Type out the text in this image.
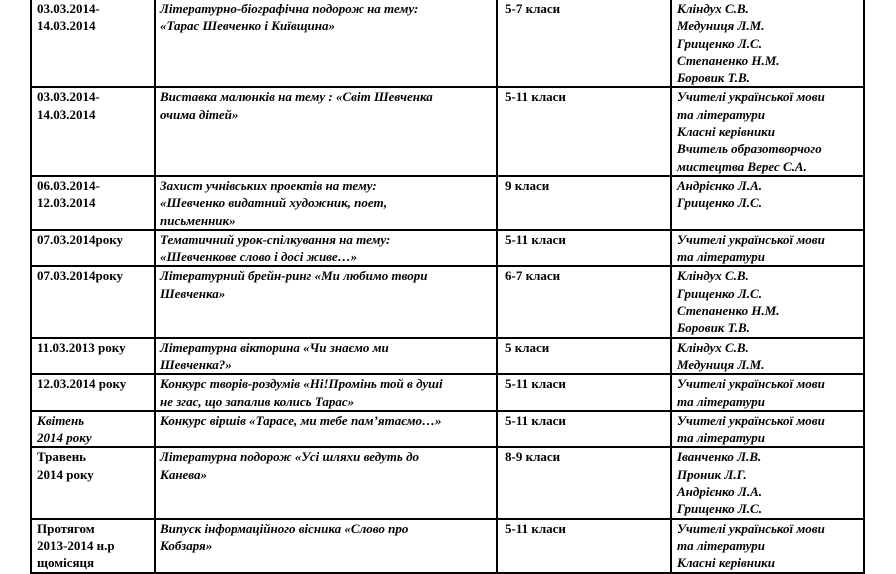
03.03.2014-
14.03.2014	Літературно-біографічна подорож на тему:
«Тарас Шевченко і Київщина»	5-7 класи	Кліндух С.В.
Медуниця Л.М.
Грищенко Л.С.
Степаненко Н.М.
Боровик Т.В.

03.03.2014-
14.03.2014	Виставка малюнків на тему : «Світ Шевченка
очима дітей»	5-11 класи	Учителі української мови
та літератури
Класні керівники
Вчитель образотворчого
мистецтва Верес С.А.

06.03.2014-
12.03.2014	Захист учнівських проектів на тему:
«Шевченко видатний художник, поет,
письменник»	9 класи	Андрієнко Л.А.
Грищенко Л.С.

07.03.2014року	Тематичний урок-спілкування на тему:
«Шевченкове слово і досі живе…»	5-11 класи	Учителі української мови
та літератури

07.03.2014року	Літературний брейн-ринг «Ми любимо твори
Шевченка»	6-7 класи	Кліндух С.В.
Грищенко Л.С.
Степаненко Н.М.
Боровик Т.В.

11.03.2013 року	Літературна вікторина «Чи знаємо ми
Шевченка?»	5 класи	Кліндух С.В.
Медуниця Л.М.

12.03.2014 року	Конкурс творів-роздумів «Ні!Промінь той в душі
не згас, що запалив колись Тарас»	5-11 класи	Учителі української мови
та літератури

Квітень
2014 року	Конкурс віршів «Тарасе, ми тебе пам’ятаємо…»	5-11 класи	Учителі української мови
та літератури

Травень
2014 року	Літературна подорож «Усі шляхи ведуть до
Канева»	8-9 класи	Іванченко Л.В.
Проник Л.Г.
Андрієнко Л.А.
Грищенко Л.С.

Протягом
2013-2014 н.р
щомісяця	Випуск інформаційного вісника «Слово про
Кобзаря»	5-11 класи	Учителі української мови
та літератури
Класні керівники
